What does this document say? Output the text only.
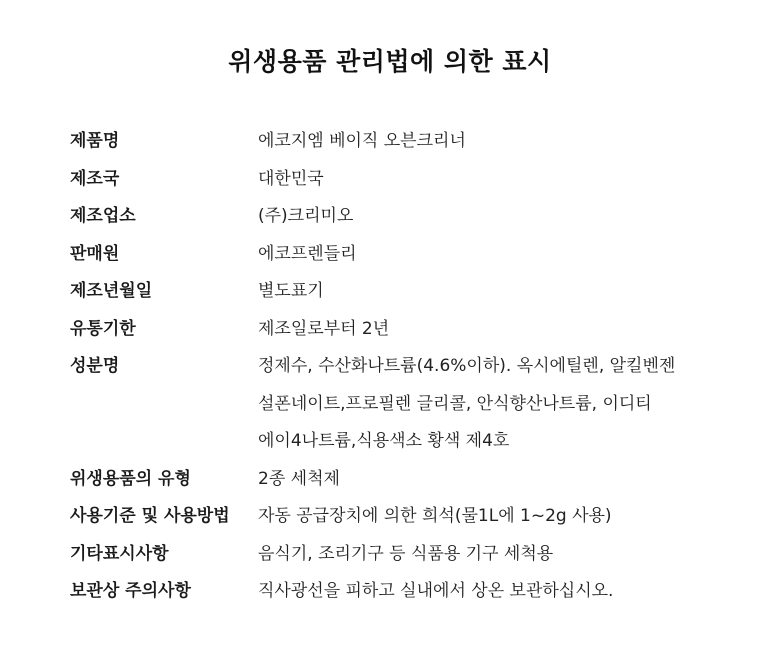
위생용품 관리법에 의한 표시
제품명	에코지엠 베이직 오븐크리너
제조국	대한민국
제조업소	(주)크리미오
판매원	에코프렌들리
제조년월일	별도표기
유통기한	제조일로부터 2년
성분명	정제수, 수산화나트륨(4.6%이하). 옥시에틸렌, 알킬벤젠
설폰네이트,프로필렌 글리콜, 안식향산나트륨, 이디티
에이4나트륨,식용색소 황색 제4호
위생용품의 유형	2종 세척제
사용기준 및 사용방법	자동 공급장치에 의한 희석(물1L에 1~2g 사용)
기타표시사항	음식기, 조리기구 등 식품용 기구 세척용
보관상 주의사항	직사광선을 피하고 실내에서 상온 보관하십시오.
